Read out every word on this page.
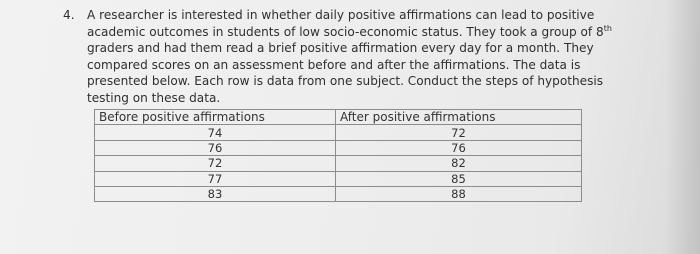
4. A researcher is interested in whether daily positive affirmations can lead to positive academic outcomes in students of low socio-economic status. They took a group of 8th graders and had them read a brief positive affirmation every day for a month. They compared scores on an assessment before and after the affirmations. The data is presented below. Each row is data from one subject. Conduct the steps of hypothesis testing on these data.
Before positive affirmations	After positive affirmations
74	72
76	76
72	82
77	85
83	88
